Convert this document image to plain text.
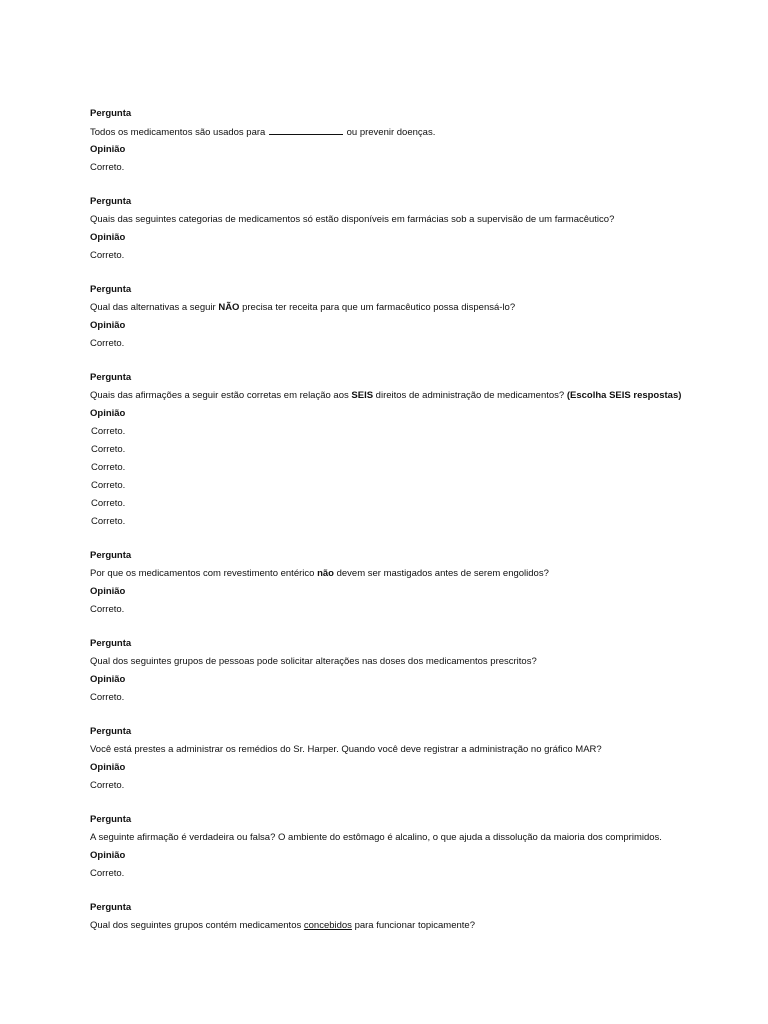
Pergunta
Todos os medicamentos são usados para	ou prevenir doenças.
Opinião
Correto.
Pergunta
Quais das seguintes categorias de medicamentos só estão disponíveis em farmácias sob a supervisão de um farmacêutico?
Opinião
Correto.
Pergunta
Qual das alternativas a seguir NÃO precisa ter receita para que um farmacêutico possa dispensá-lo?
Opinião
Correto.
Pergunta
Quais das afirmações a seguir estão corretas em relação aos SEIS direitos de administração de medicamentos? (Escolha SEIS respostas)
Opinião
Correto.
Correto.
Correto.
Correto.
Correto.
Correto.
Pergunta
Por que os medicamentos com revestimento entérico não devem ser mastigados antes de serem engolidos?
Opinião
Correto.
Pergunta
Qual dos seguintes grupos de pessoas pode solicitar alterações nas doses dos medicamentos prescritos?
Opinião
Correto.
Pergunta
Você está prestes a administrar os remédios do Sr. Harper. Quando você deve registrar a administração no gráfico MAR?
Opinião
Correto.
Pergunta
A seguinte afirmação é verdadeira ou falsa? O ambiente do estômago é alcalino, o que ajuda a dissolução da maioria dos comprimidos.
Opinião
Correto.
Pergunta
Qual dos seguintes grupos contém medicamentos concebidos para funcionar topicamente?
